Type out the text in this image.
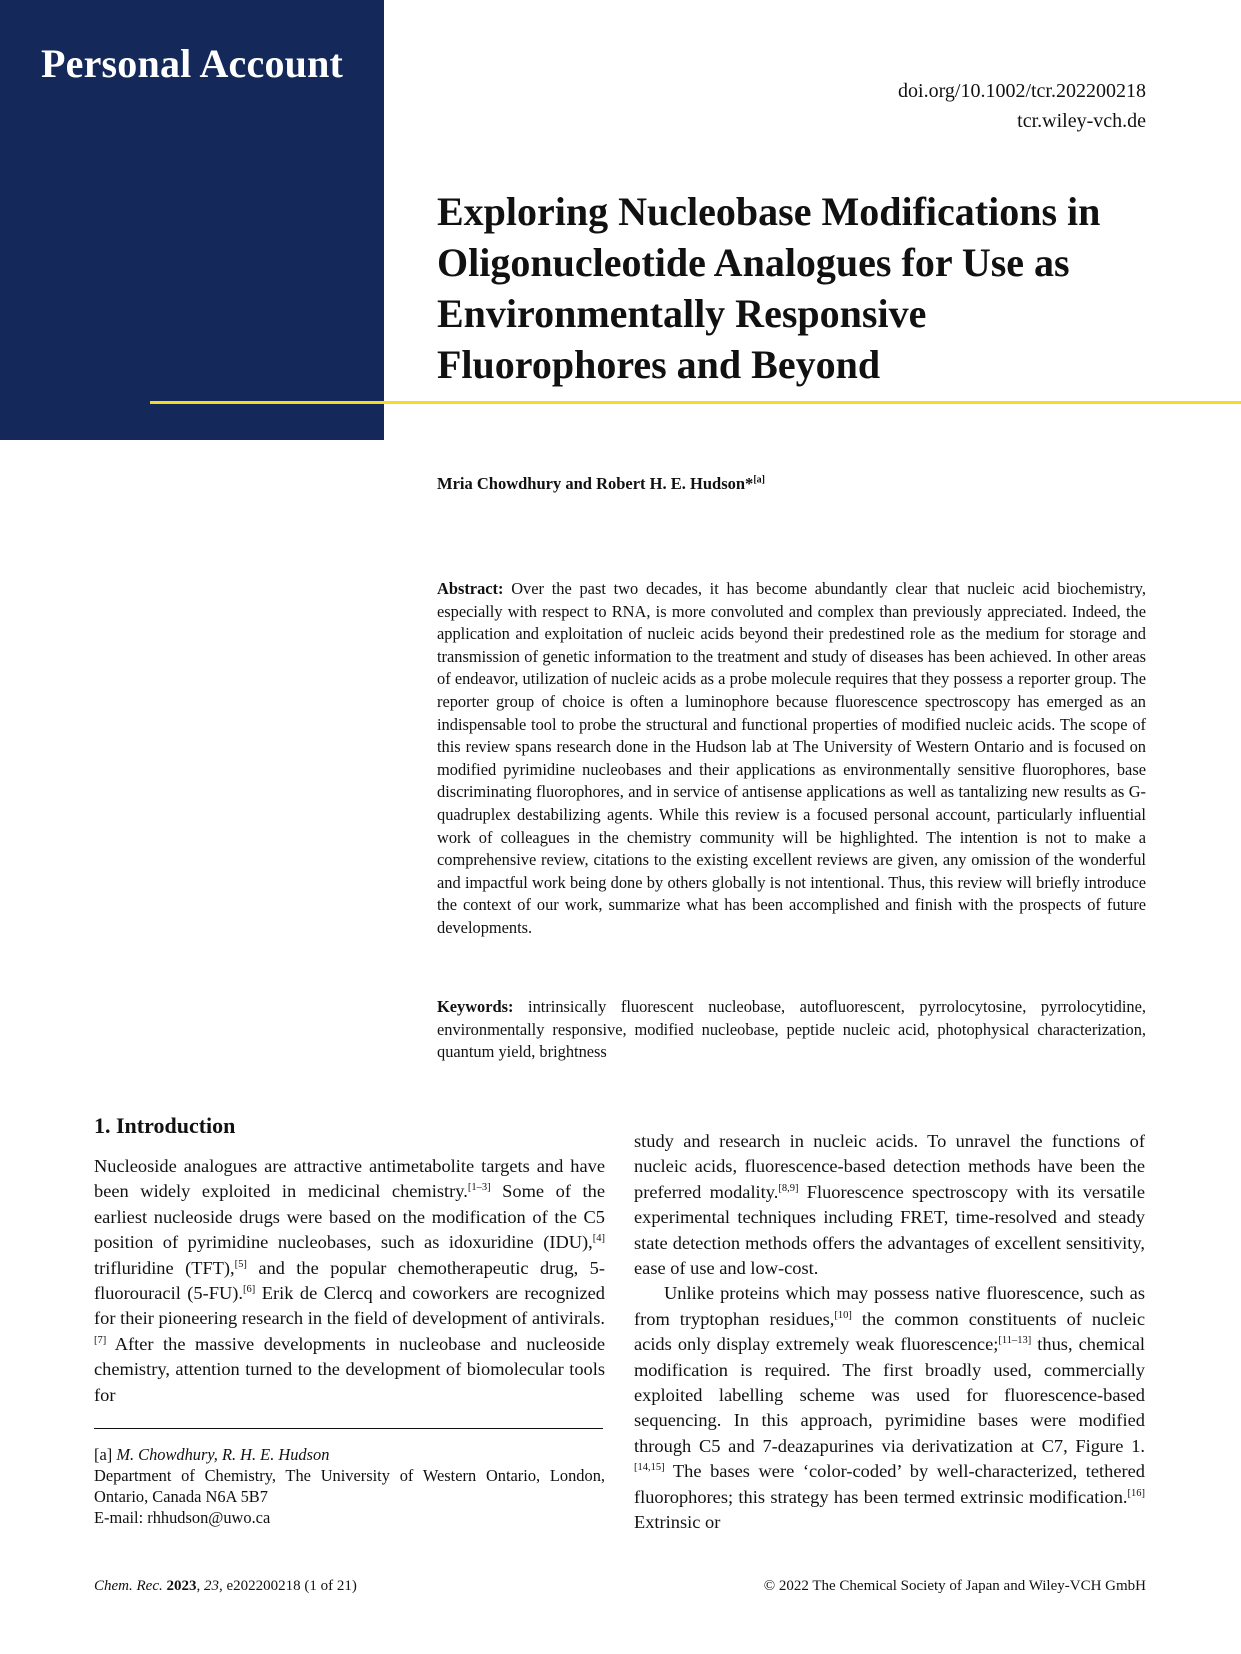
Personal Account
doi.org/10.1002/tcr.202200218
tcr.wiley-vch.de
Exploring Nucleobase Modifications in Oligonucleotide Analogues for Use as Environmentally Responsive Fluorophores and Beyond
Mria Chowdhury and Robert H. E. Hudson*[a]
Abstract: Over the past two decades, it has become abundantly clear that nucleic acid biochemistry, especially with respect to RNA, is more convoluted and complex than previously appreciated. Indeed, the application and exploitation of nucleic acids beyond their predestined role as the medium for storage and transmission of genetic information to the treatment and study of diseases has been achieved. In other areas of endeavor, utilization of nucleic acids as a probe molecule requires that they possess a reporter group. The reporter group of choice is often a luminophore because fluorescence spectroscopy has emerged as an indispensable tool to probe the structural and functional properties of modified nucleic acids. The scope of this review spans research done in the Hudson lab at The University of Western Ontario and is focused on modified pyrimidine nucleobases and their applications as environmentally sensitive fluorophores, base discriminating fluorophores, and in service of antisense applications as well as tantalizing new results as G-quadruplex destabilizing agents. While this review is a focused personal account, particularly influential work of colleagues in the chemistry community will be highlighted. The intention is not to make a comprehensive review, citations to the existing excellent reviews are given, any omission of the wonderful and impactful work being done by others globally is not intentional. Thus, this review will briefly introduce the context of our work, summarize what has been accomplished and finish with the prospects of future developments.
Keywords: intrinsically fluorescent nucleobase, autofluorescent, pyrrolocytosine, pyrrolocytidine, environmentally responsive, modified nucleobase, peptide nucleic acid, photophysical characterization, quantum yield, brightness
1. Introduction

Nucleoside analogues are attractive antimetabolite targets and have been widely exploited in medicinal chemistry.[1–3] Some of the earliest nucleoside drugs were based on the modification of the C5 position of pyrimidine nucleobases, such as idoxuridine (IDU),[4] trifluridine (TFT),[5] and the popular chemotherapeutic drug, 5-fluorouracil (5-FU).[6] Erik de Clercq and coworkers are recognized for their pioneering research in the field of development of antivirals.[7] After the massive developments in nucleobase and nucleoside chemistry, attention turned to the development of biomolecular tools for

[a] M. Chowdhury, R. H. E. Hudson

Department of Chemistry, The University of Western Ontario, London, Ontario, Canada N6A 5B7

E-mail: rhhudson@uwo.ca

study and research in nucleic acids. To unravel the functions of nucleic acids, fluorescence-based detection methods have been the preferred modality.[8,9] Fluorescence spectroscopy with its versatile experimental techniques including FRET, time-resolved and steady state detection methods offers the advantages of excellent sensitivity, ease of use and low-cost.

Unlike proteins which may possess native fluorescence, such as from tryptophan residues,[10] the common constituents of nucleic acids only display extremely weak fluorescence;[11–13] thus, chemical modification is required. The first broadly used, commercially exploited labelling scheme was used for fluorescence-based sequencing. In this approach, pyrimidine bases were modified through C5 and 7-deazapurines via derivatization at C7, Figure 1.[14,15] The bases were ‘color-coded’ by well-characterized, tethered fluorophores; this strategy has been termed extrinsic modification.[16] Extrinsic or

Chem. Rec. 2023, 23, e202200218 (1 of 21)	© 2022 The Chemical Society of Japan and Wiley-VCH GmbH
